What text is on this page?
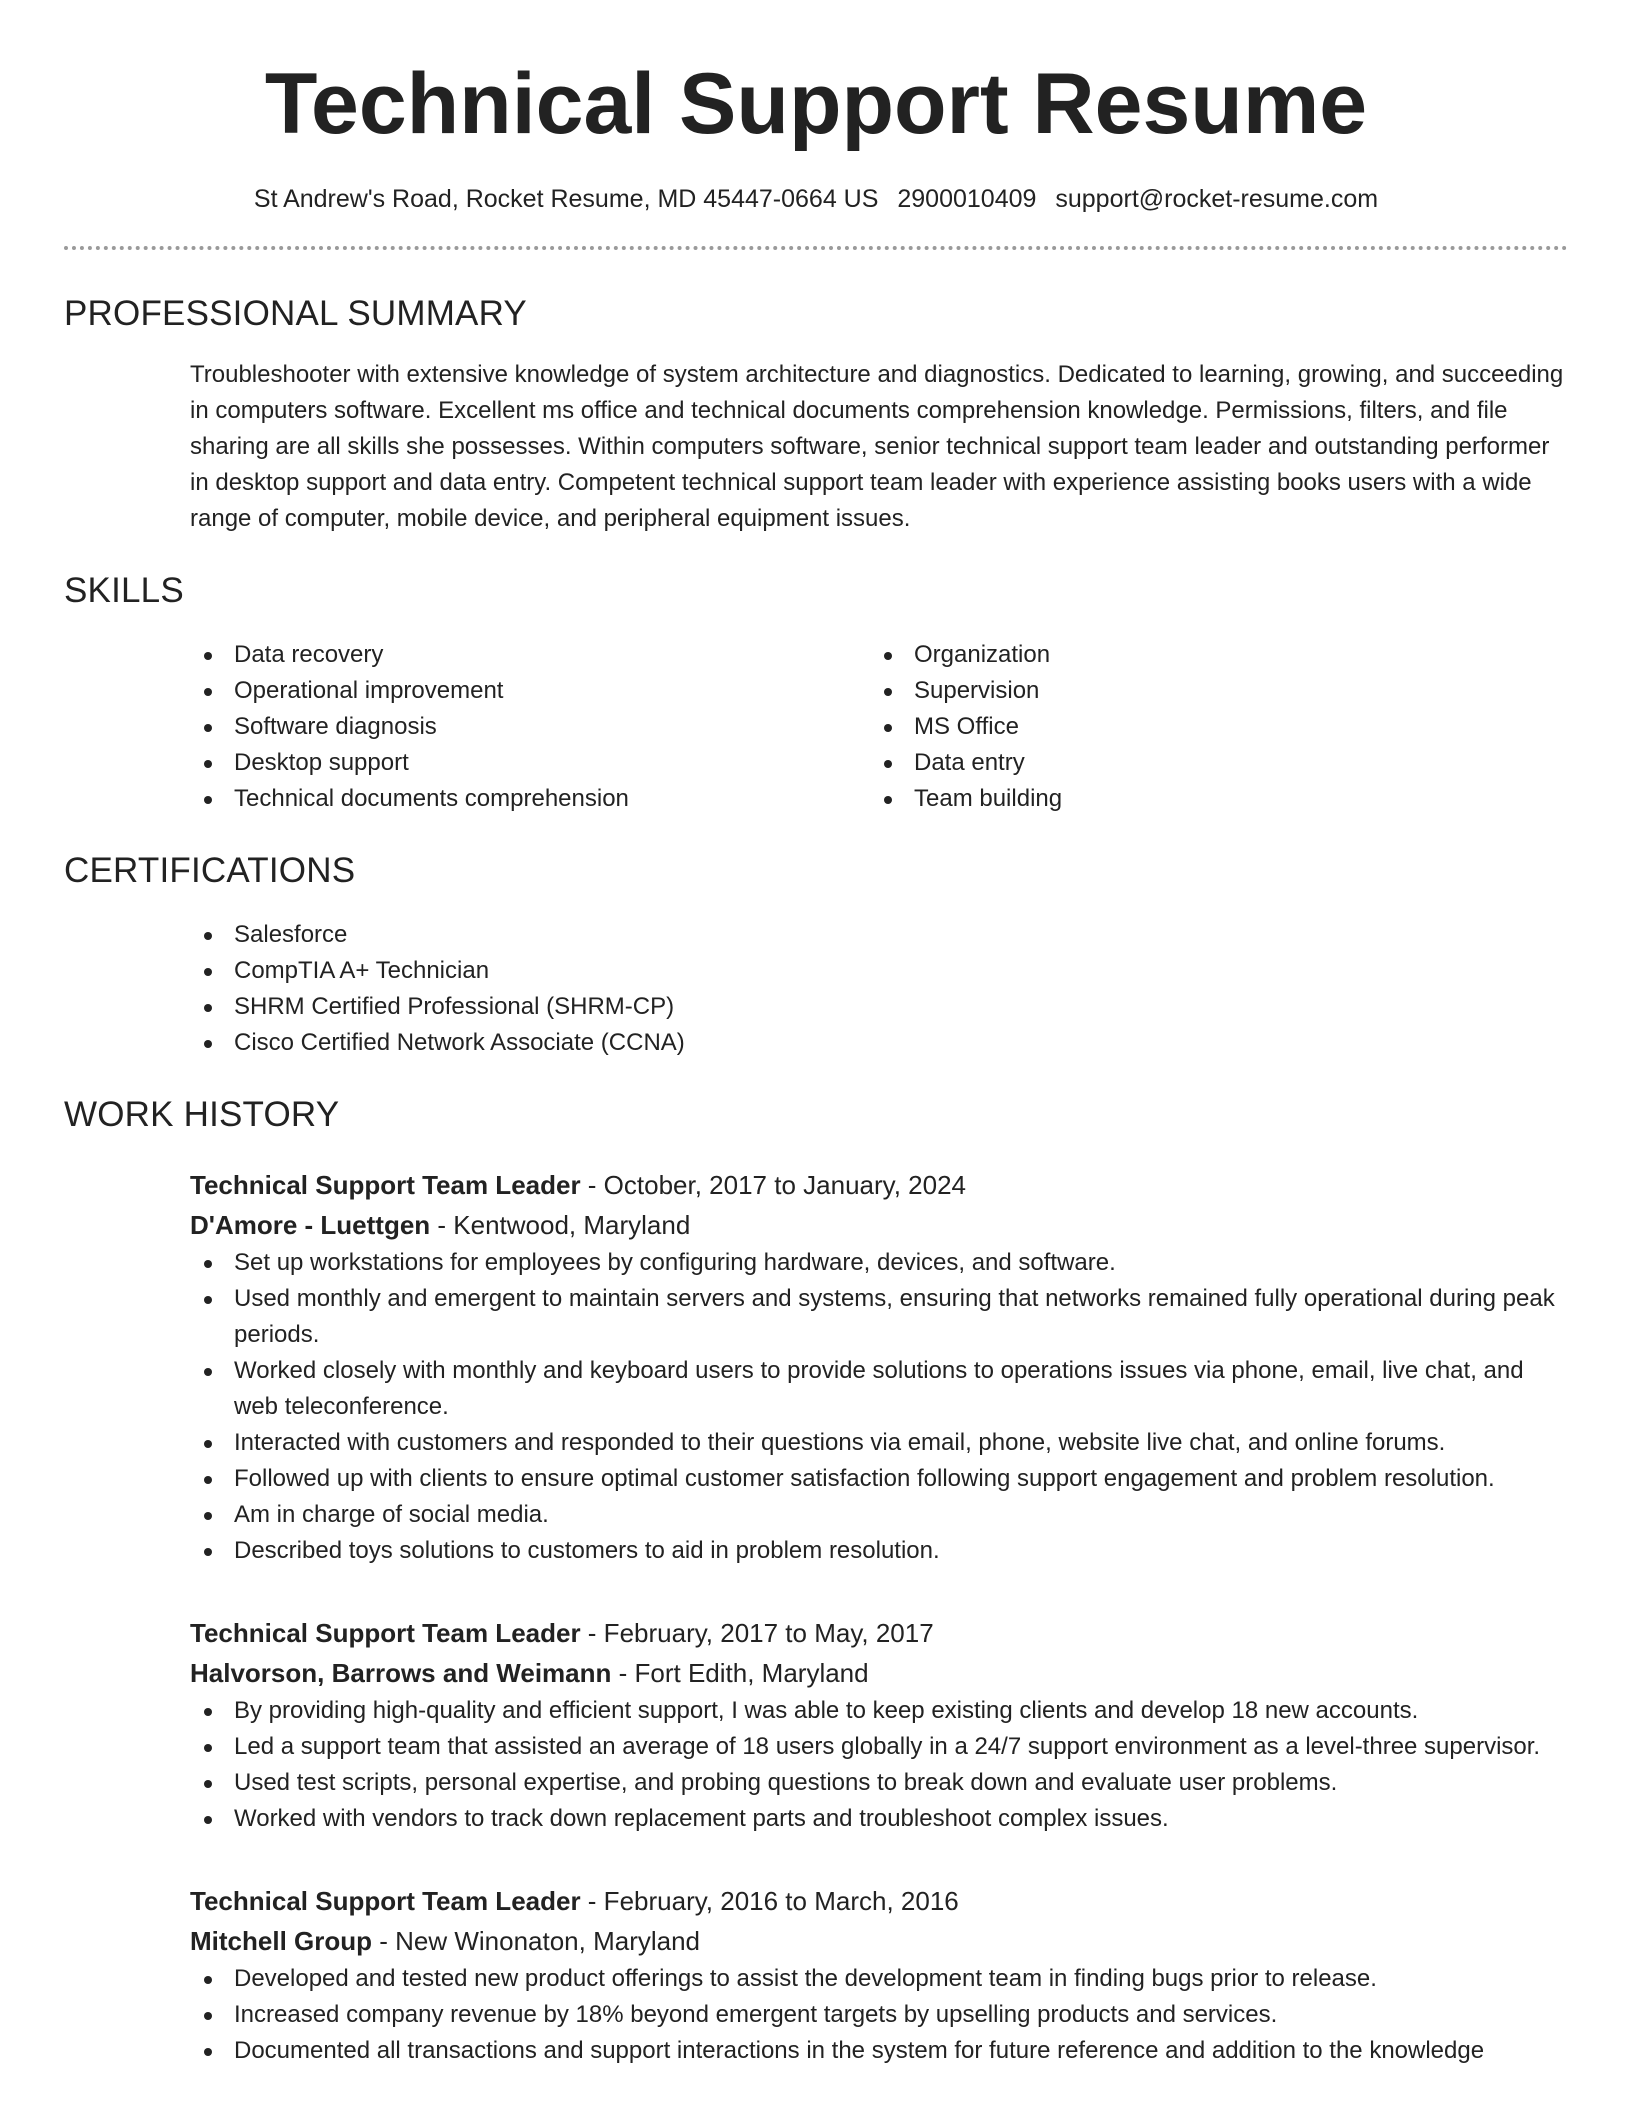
Technical Support Resume
St Andrew's Road, Rocket Resume, MD 45447-0664 US 2900010409 support@rocket-resume.com
PROFESSIONAL SUMMARY
Troubleshooter with extensive knowledge of system architecture and diagnostics. Dedicated to learning, growing, and succeeding in computers software. Excellent ms office and technical documents comprehension knowledge. Permissions, filters, and file sharing are all skills she possesses. Within computers software, senior technical support team leader and outstanding performer in desktop support and data entry. Competent technical support team leader with experience assisting books users with a wide range of computer, mobile device, and peripheral equipment issues.
SKILLS
Data recovery
Operational improvement
Software diagnosis
Desktop support
Technical documents comprehension
Organization
Supervision
MS Office
Data entry
Team building
CERTIFICATIONS
Salesforce
CompTIA A+ Technician
SHRM Certified Professional (SHRM-CP)
Cisco Certified Network Associate (CCNA)
WORK HISTORY
Technical Support Team Leader - October, 2017 to January, 2024
D'Amore - Luettgen - Kentwood, Maryland
Set up workstations for employees by configuring hardware, devices, and software.
Used monthly and emergent to maintain servers and systems, ensuring that networks remained fully operational during peak periods.
Worked closely with monthly and keyboard users to provide solutions to operations issues via phone, email, live chat, and web teleconference.
Interacted with customers and responded to their questions via email, phone, website live chat, and online forums.
Followed up with clients to ensure optimal customer satisfaction following support engagement and problem resolution.
Am in charge of social media.
Described toys solutions to customers to aid in problem resolution.
Technical Support Team Leader - February, 2017 to May, 2017
Halvorson, Barrows and Weimann - Fort Edith, Maryland
By providing high-quality and efficient support, I was able to keep existing clients and develop 18 new accounts.
Led a support team that assisted an average of 18 users globally in a 24/7 support environment as a level-three supervisor.
Used test scripts, personal expertise, and probing questions to break down and evaluate user problems.
Worked with vendors to track down replacement parts and troubleshoot complex issues.
Technical Support Team Leader - February, 2016 to March, 2016
Mitchell Group - New Winonaton, Maryland
Developed and tested new product offerings to assist the development team in finding bugs prior to release.
Increased company revenue by 18% beyond emergent targets by upselling products and services.
Documented all transactions and support interactions in the system for future reference and addition to the knowledge
